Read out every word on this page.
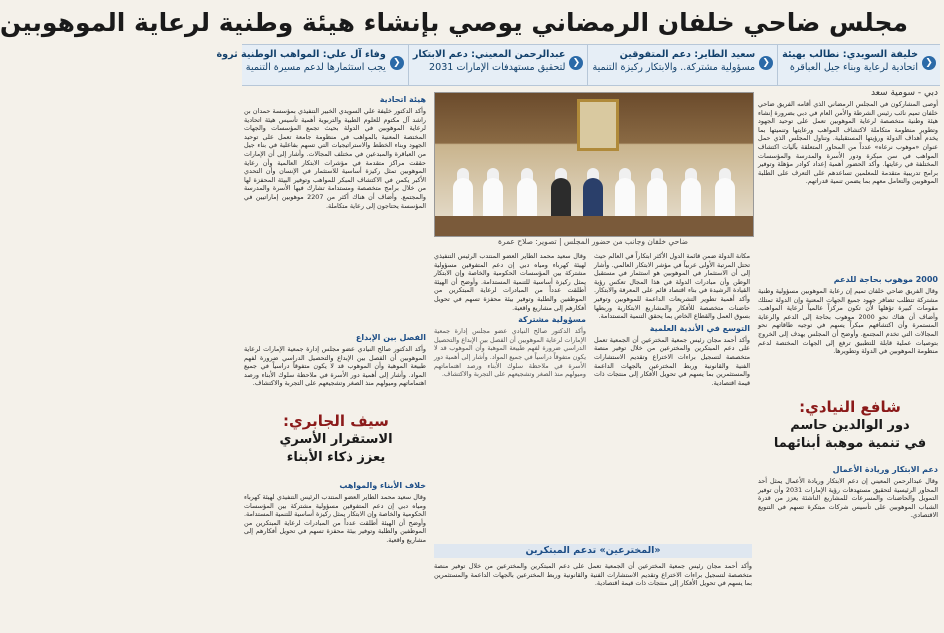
مجلس ضاحي خلفان الرمضاني يوصي بإنشاء هيئة وطنية لرعاية الموهوبين
❮
خليفة السويدي: نطالب بهيئة
اتحادية لرعاية وبناء جيل العباقرة
❮
سعيد الطاير: دعم المتفوقين
مسؤولية مشتركة.. والابتكار ركيزة التنمية
❮
عبدالرحمن المعيني: دعم الابتكار
لتحقيق مستهدفات الإمارات 2031
❮
وفاء آل علي: المواهب الوطنية ثروة
يجب استثمارها لدعم مسيرة التنمية
دبي - سومية سعد
أوصى المشاركون في المجلس الرمضاني الذي أقامه الفريق ضاحي خلفان تميم نائب رئيس الشرطة والأمن العام في دبي بضرورة إنشاء هيئة وطنية متخصصة لرعاية الموهوبين تعمل على توحيد الجهود وتطوير منظومة متكاملة لاكتشاف المواهب ورعايتها وتنميتها بما يخدم أهداف الدولة ورؤيتها المستقبلية. وتناول المجلس الذي حمل عنوان «موهوب نرعاه» عدداً من المحاور المتعلقة بآليات اكتشاف المواهب في سن مبكرة ودور الأسرة والمدرسة والمؤسسات المختلفة في رعايتها. وأكد الحضور أهمية إعداد كوادر مؤهلة وتوفير برامج تدريبية متقدمة للمعلمين تساعدهم على التعرف على الطلبة الموهوبين والتعامل معهم بما يضمن تنمية قدراتهم.
2000 موهوب بحاجة للدعم
وقال الفريق ضاحي خلفان تميم إن رعاية الموهوبين مسؤولية وطنية مشتركة تتطلب تضافر جهود جميع الجهات المعنية وإن الدولة تمتلك مقومات كبيرة تؤهلها لأن تكون مركزاً عالمياً لرعاية المواهب. وأضاف أن هناك نحو 2000 موهوب بحاجة إلى الدعم والرعاية المستمرة وأن اكتشافهم مبكراً يسهم في توجيه طاقاتهم نحو المجالات التي تخدم المجتمع. وأوضح أن المجلس يهدف إلى الخروج بتوصيات عملية قابلة للتطبيق ترفع إلى الجهات المختصة لدعم منظومة الموهوبين في الدولة وتطويرها.
شافع النيادي:
دور الوالدين حاسم
في تنمية موهبة أبنائهما
دعم الابتكار وريادة الأعمال
وقال عبدالرحمن المعيني إن دعم الابتكار وريادة الأعمال يمثل أحد المحاور الرئيسية لتحقيق مستهدفات رؤية الإمارات 2031 وأن توفير التمويل والحاضنات والمسرعات للمشاريع الناشئة يعزز من قدرة الشباب الموهوبين على تأسيس شركات مبتكرة تسهم في التنويع الاقتصادي.
ضاحي خلفان وجانب من حضور المجلس | تصوير: صلاح عمرة
مكانة الدولة ضمن قائمة الدول الأكثر ابتكاراً في العالم حيث تحتل المرتبة الأولى عربياً في مؤشر الابتكار العالمي. وأشار إلى أن الاستثمار في الموهوبين هو استثمار في مستقبل الوطن وأن مبادرات الدولة في هذا المجال تعكس رؤية القيادة الرشيدة في بناء اقتصاد قائم على المعرفة والابتكار. وأكد أهمية تطوير التشريعات الداعمة للموهوبين وتوفير حاضنات متخصصة للأفكار والمشاريع الابتكارية وربطها بسوق العمل والقطاع الخاص بما يحقق التنمية المستدامة.
التوسع في الأندية العلمية
وأكد أحمد مجان رئيس جمعية المخترعين أن الجمعية تعمل على دعم المبتكرين والمخترعين من خلال توفير منصة متخصصة لتسجيل براءات الاختراع وتقديم الاستشارات الفنية والقانونية وربط المخترعين بالجهات الداعمة والمستثمرين بما يسهم في تحويل الأفكار إلى منتجات ذات قيمة اقتصادية.
وقال سعيد محمد الطاير العضو المنتدب الرئيس التنفيذي لهيئة كهرباء ومياه دبي إن دعم المتفوقين مسؤولية مشتركة بين المؤسسات الحكومية والخاصة وإن الابتكار يمثل ركيزة أساسية للتنمية المستدامة. وأوضح أن الهيئة أطلقت عدداً من المبادرات لرعاية المبتكرين من الموظفين والطلبة وتوفير بيئة محفزة تسهم في تحويل أفكارهم إلى مشاريع واقعية.
مسؤولية مشتركة
وأكد الدكتور صالح النيادي عضو مجلس إدارة جمعية الإمارات لرعاية الموهوبين أن الفصل بين الإبداع والتحصيل الدراسي ضرورة لفهم طبيعة الموهبة وأن الموهوب قد لا يكون متفوقاً دراسياً في جميع المواد. وأشار إلى أهمية دور الأسرة في ملاحظة سلوك الأبناء ورصد اهتماماتهم وميولهم منذ الصغر وتشجيعهم على التجربة والاكتشاف.
«المخترعين» تدعم المبتكرين
وأكد أحمد مجان رئيس جمعية المخترعين أن الجمعية تعمل على دعم المبتكرين والمخترعين من خلال توفير منصة متخصصة لتسجيل براءات الاختراع وتقديم الاستشارات الفنية والقانونية وربط المخترعين بالجهات الداعمة والمستثمرين بما يسهم في تحويل الأفكار إلى منتجات ذات قيمة اقتصادية.
هيئة اتحادية
وأكد الدكتور خليفة علي السويدي الخبير التنفيذي بمؤسسة حمدان بن راشد آل مكتوم للعلوم الطبية والتربوية أهمية تأسيس هيئة اتحادية لرعاية الموهوبين في الدولة بحيث تجمع المؤسسات والجهات المختصة المعنية بالمواهب في منظومة جامعة تعمل على توحيد الجهود وبناء الخطط والاستراتيجيات التي تسهم بفاعلية في بناء جيل من العباقرة والمبدعين في مختلف المجالات. وأشار إلى أن الإمارات حققت مراكز متقدمة في مؤشرات الابتكار العالمية وأن رعاية الموهوبين تمثل ركيزة أساسية للاستثمار في الإنسان وأن التحدي الأكبر يكمن في الاكتشاف المبكر للمواهب وتوفير البيئة المحفزة لها من خلال برامج متخصصة ومستدامة تشارك فيها الأسرة والمدرسة والمجتمع. وأضاف أن هناك أكثر من 2207 موهوبين إماراتيين في المؤسسة يحتاجون إلى رعاية متكاملة.
الفصل بين الإبداع
وأكد الدكتور صالح النيادي عضو مجلس إدارة جمعية الإمارات لرعاية الموهوبين أن الفصل بين الإبداع والتحصيل الدراسي ضرورة لفهم طبيعة الموهبة وأن الموهوب قد لا يكون متفوقاً دراسياً في جميع المواد. وأشار إلى أهمية دور الأسرة في ملاحظة سلوك الأبناء ورصد اهتماماتهم وميولهم منذ الصغر وتشجيعهم على التجربة والاكتشاف.
سيف الجابري:
الاستقرار الأسري
يعزز ذكاء الأبناء
خلاف الأبناء والمواهب
وقال سعيد محمد الطاير العضو المنتدب الرئيس التنفيذي لهيئة كهرباء ومياه دبي إن دعم المتفوقين مسؤولية مشتركة بين المؤسسات الحكومية والخاصة وإن الابتكار يمثل ركيزة أساسية للتنمية المستدامة. وأوضح أن الهيئة أطلقت عدداً من المبادرات لرعاية المبتكرين من الموظفين والطلبة وتوفير بيئة محفزة تسهم في تحويل أفكارهم إلى مشاريع واقعية.
